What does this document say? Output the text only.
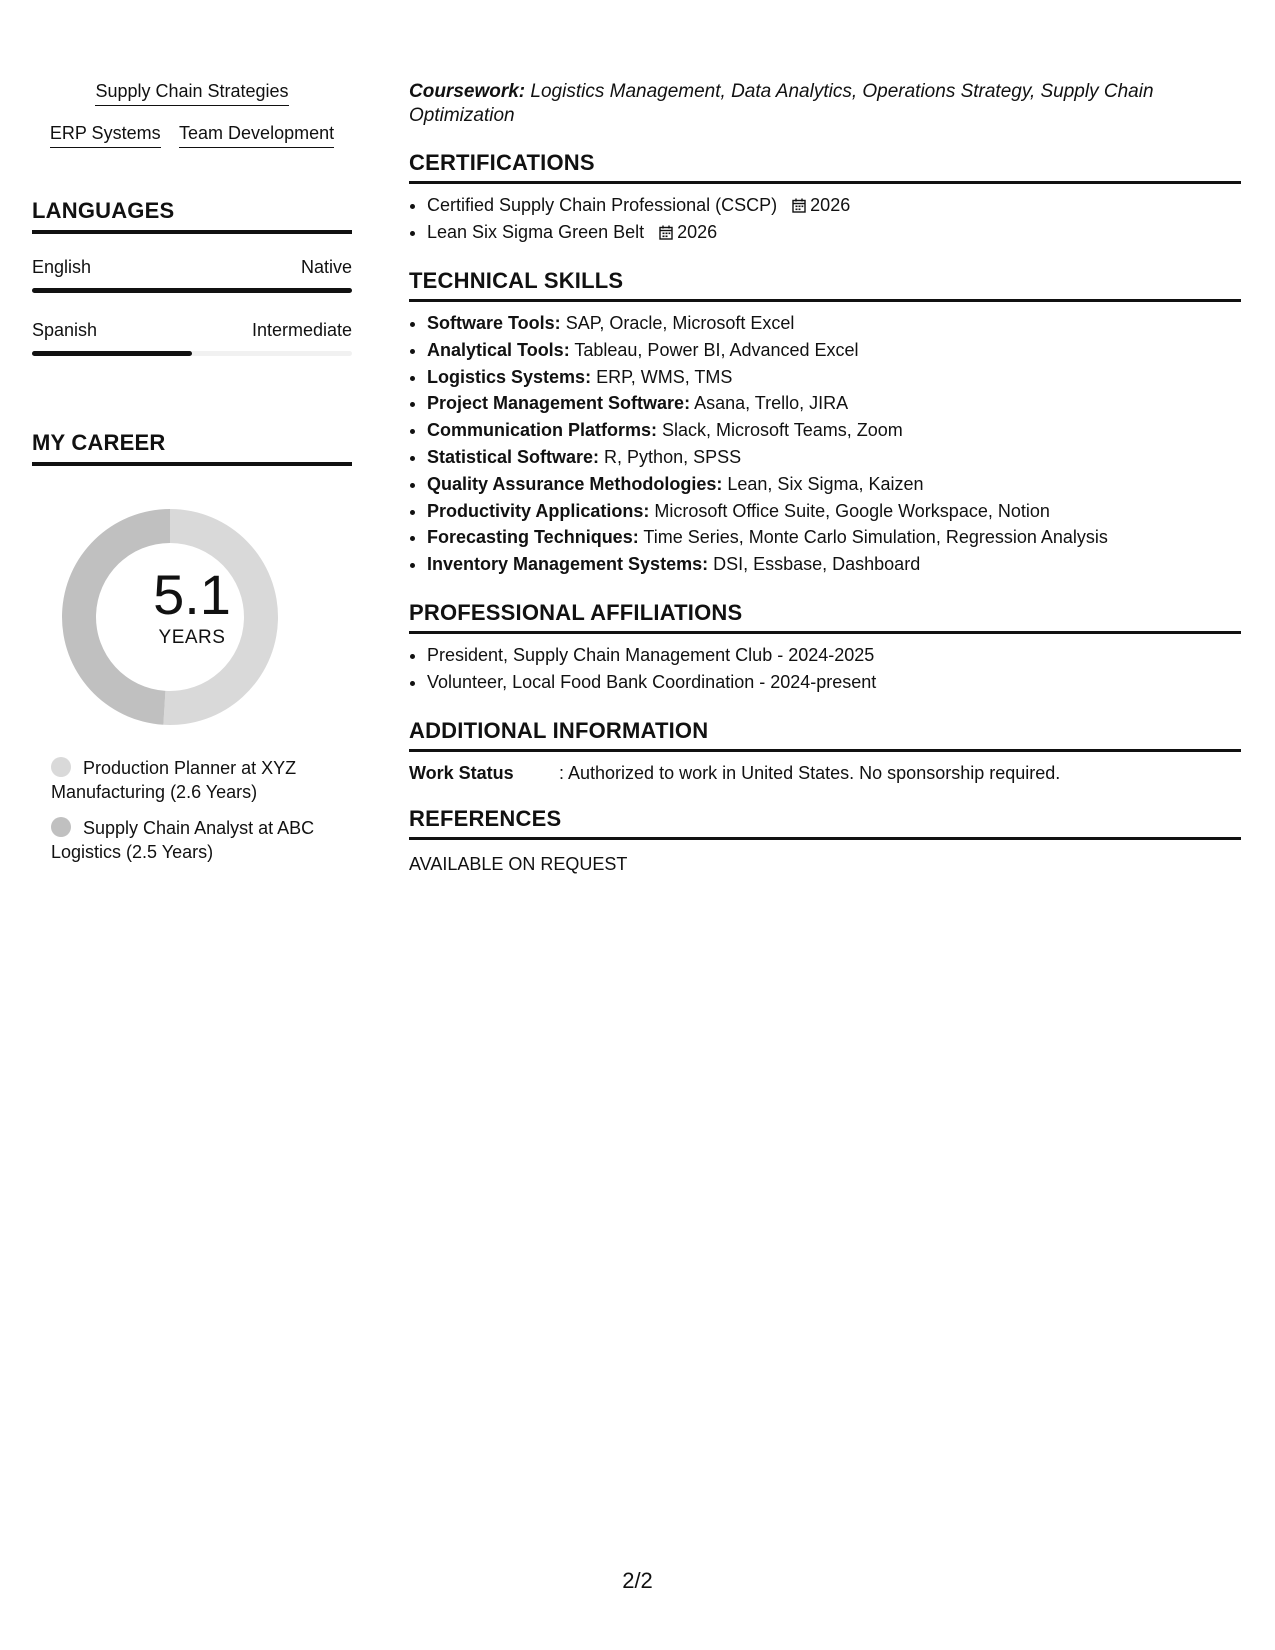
Supply Chain Strategies
ERP Systems Team Development
LANGUAGES
English	Native
Spanish	Intermediate
MY CAREER
5.1
YEARS
Production Planner at XYZ Manufacturing (2.6 Years)
Supply Chain Analyst at ABC Logistics (2.5 Years)
Coursework: Logistics Management, Data Analytics, Operations Strategy, Supply Chain Optimization
CERTIFICATIONS
• Certified Supply Chain Professional (CSCP) 2026
• Lean Six Sigma Green Belt 2026
TECHNICAL SKILLS
• Software Tools: SAP, Oracle, Microsoft Excel
• Analytical Tools: Tableau, Power BI, Advanced Excel
• Logistics Systems: ERP, WMS, TMS
• Project Management Software: Asana, Trello, JIRA
• Communication Platforms: Slack, Microsoft Teams, Zoom
• Statistical Software: R, Python, SPSS
• Quality Assurance Methodologies: Lean, Six Sigma, Kaizen
• Productivity Applications: Microsoft Office Suite, Google Workspace, Notion
• Forecasting Techniques: Time Series, Monte Carlo Simulation, Regression Analysis
• Inventory Management Systems: DSI, Essbase, Dashboard
PROFESSIONAL AFFILIATIONS
• President, Supply Chain Management Club - 2024-2025
• Volunteer, Local Food Bank Coordination - 2024-present
ADDITIONAL INFORMATION
Work Status	: Authorized to work in United States. No sponsorship required.
REFERENCES
AVAILABLE ON REQUEST
2/2
